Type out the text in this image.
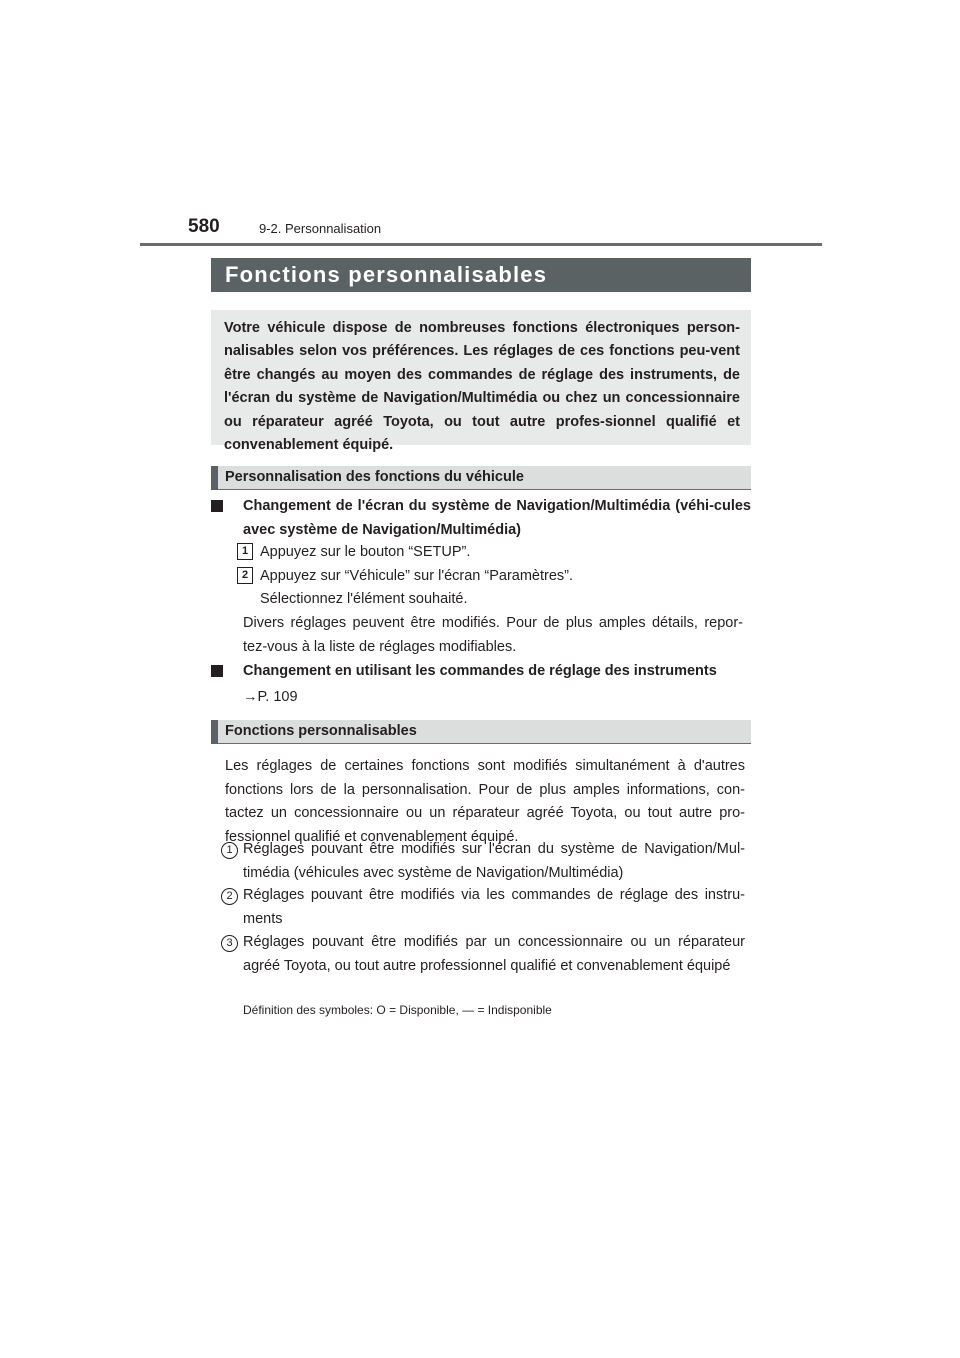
580	9-2. Personnalisation
Fonctions personnalisables

Votre véhicule dispose de nombreuses fonctions électroniques person-nalisables selon vos préférences. Les réglages de ces fonctions peu-vent être changés au moyen des commandes de réglage des instruments, de l'écran du système de Navigation/Multimédia ou chez un concessionnaire ou réparateur agréé Toyota, ou tout autre profes-sionnel qualifié et convenablement équipé.

Personnalisation des fonctions du véhicule
Changement de l'écran du système de Navigation/Multimédia (véhi-cules avec système de Navigation/Multimédia)
1 Appuyez sur le bouton “SETUP”.
2 Appuyez sur “Véhicule” sur l'écran “Paramètres”.
Sélectionnez l'élément souhaité.
Divers réglages peuvent être modifiés. Pour de plus amples détails, repor-tez-vous à la liste de réglages modifiables.
Changement en utilisant les commandes de réglage des instruments
→P. 109
Fonctions personnalisables
Les réglages de certaines fonctions sont modifiés simultanément à d'autres fonctions lors de la personnalisation. Pour de plus amples informations, con-tactez un concessionnaire ou un réparateur agréé Toyota, ou tout autre pro-fessionnel qualifié et convenablement équipé.
1 Réglages pouvant être modifiés sur l'écran du système de Navigation/Mul-timédia (véhicules avec système de Navigation/Multimédia)
2 Réglages pouvant être modifiés via les commandes de réglage des instru-ments
3 Réglages pouvant être modifiés par un concessionnaire ou un réparateur agréé Toyota, ou tout autre professionnel qualifié et convenablement équipé
Définition des symboles: O = Disponible, — = Indisponible
